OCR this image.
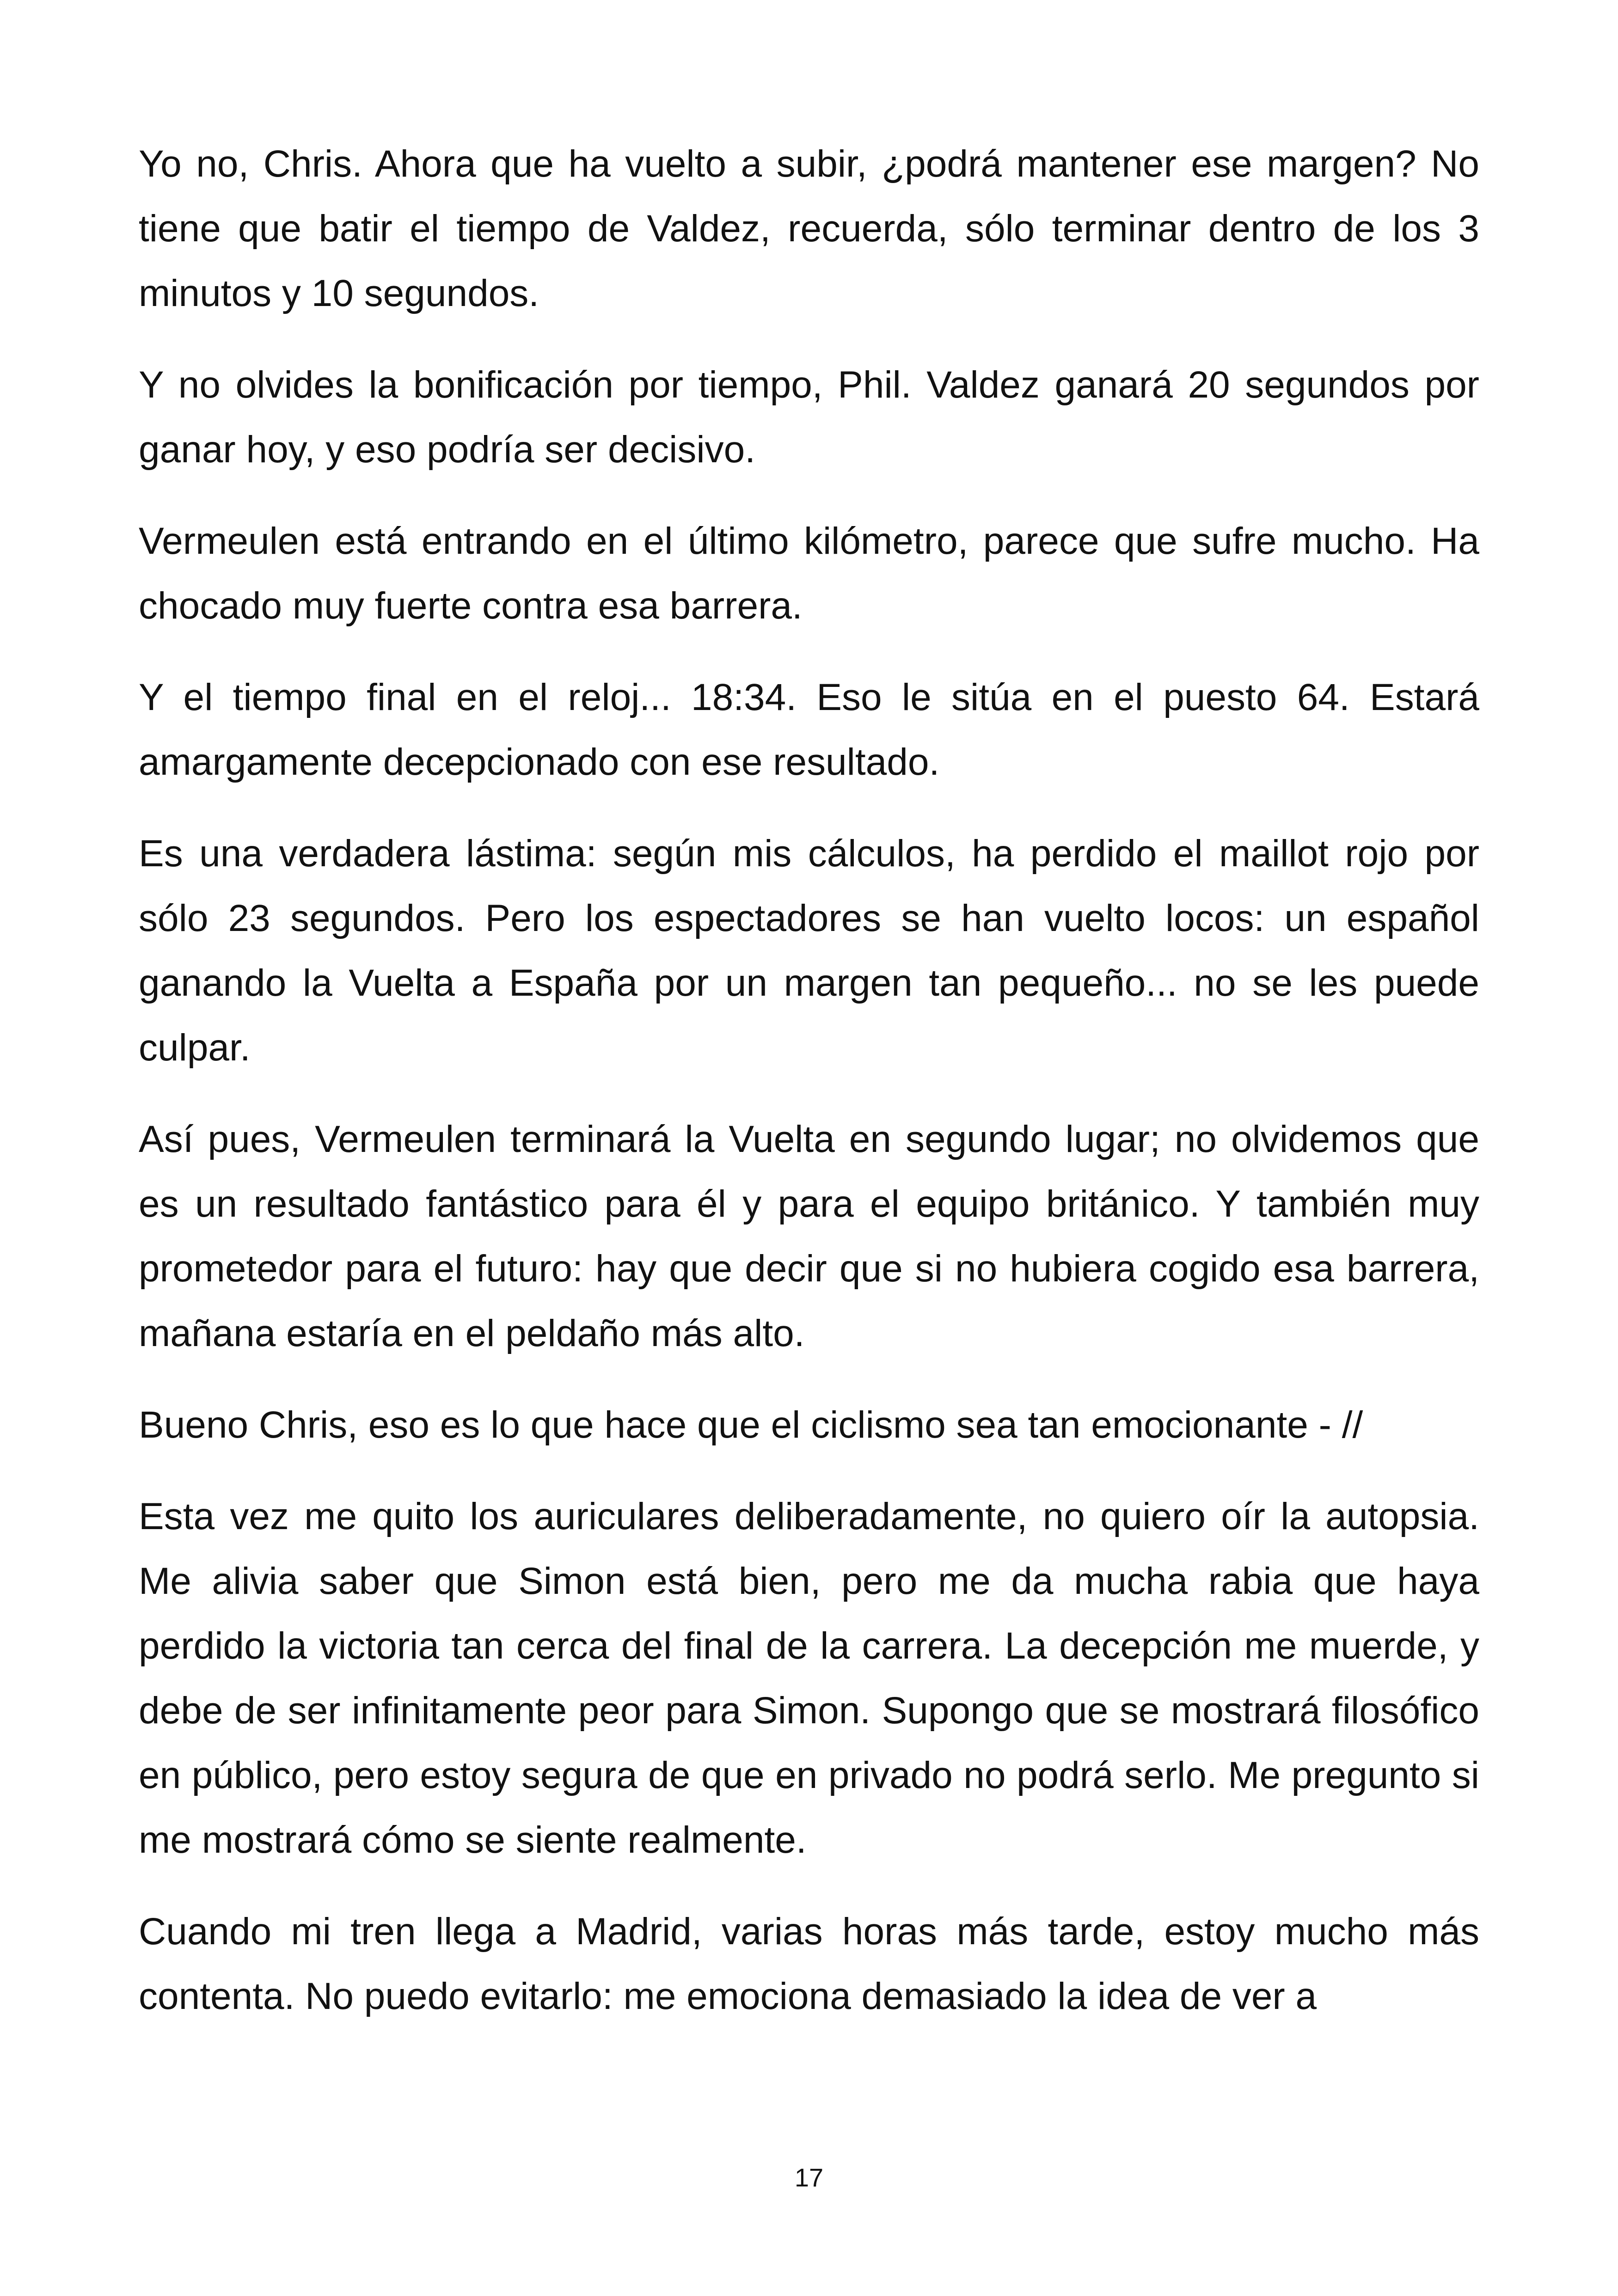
Yo no, Chris. Ahora que ha vuelto a subir, ¿podrá mantener ese margen? No tiene que batir el tiempo de Valdez, recuerda, sólo terminar dentro de los 3 minutos y 10 segundos.

Y no olvides la bonificación por tiempo, Phil. Valdez ganará 20 segundos por ganar hoy, y eso podría ser decisivo.

Vermeulen está entrando en el último kilómetro, parece que sufre mucho. Ha chocado muy fuerte contra esa barrera.

Y el tiempo final en el reloj... 18:34. Eso le sitúa en el puesto 64. Estará amargamente decepcionado con ese resultado.

Es una verdadera lástima: según mis cálculos, ha perdido el maillot rojo por sólo 23 segundos. Pero los espectadores se han vuelto locos: un español ganando la Vuelta a España por un margen tan pequeño... no se les puede culpar.

Así pues, Vermeulen terminará la Vuelta en segundo lugar; no olvidemos que es un resultado fantástico para él y para el equipo británico. Y también muy prometedor para el futuro: hay que decir que si no hubiera cogido esa barrera, mañana estaría en el peldaño más alto.

Bueno Chris, eso es lo que hace que el ciclismo sea tan emocionante - //

Esta vez me quito los auriculares deliberadamente, no quiero oír la autopsia. Me alivia saber que Simon está bien, pero me da mucha rabia que haya perdido la victoria tan cerca del final de la carrera. La decepción me muerde, y debe de ser infinitamente peor para Simon. Supongo que se mostrará filosófico en público, pero estoy segura de que en privado no podrá serlo. Me pregunto si me mostrará cómo se siente realmente.

Cuando mi tren llega a Madrid, varias horas más tarde, estoy mucho más contenta. No puedo evitarlo: me emociona demasiado la idea de ver a

17
